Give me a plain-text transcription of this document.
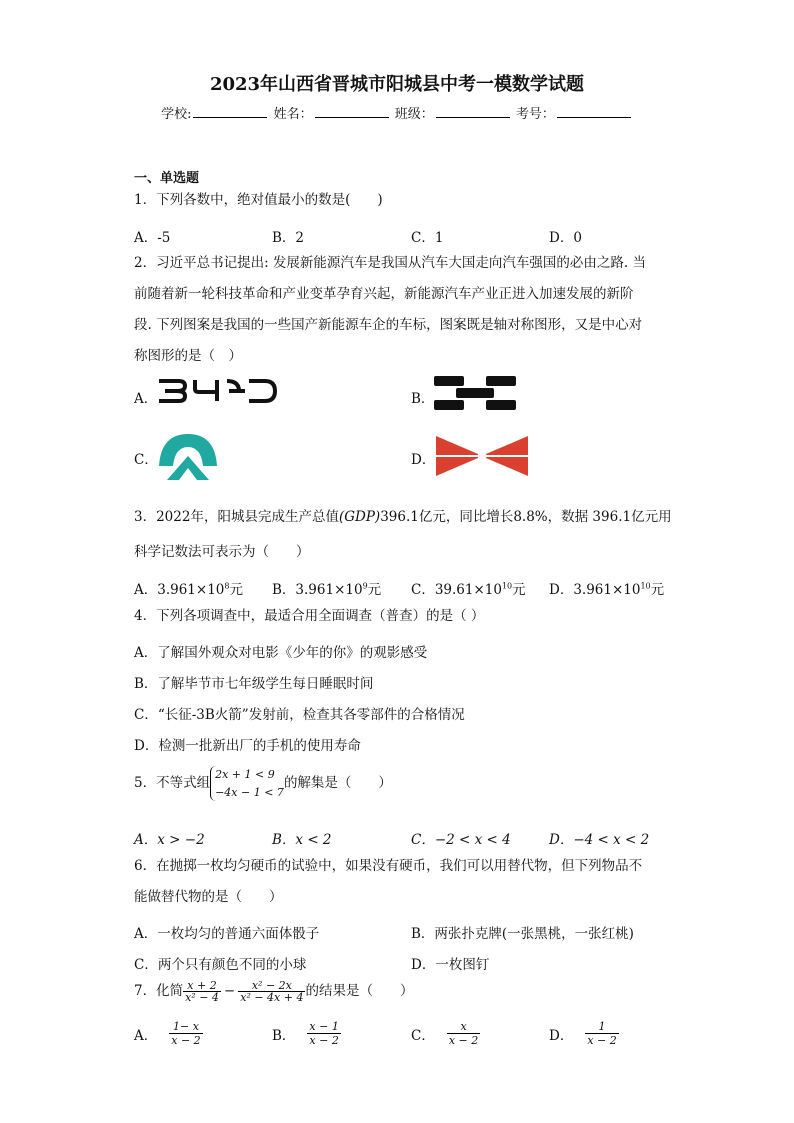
2023年山西省晋城市阳城县中考一模数学试题
学校:	姓名：	班级：	考号：
一、单选题
1．下列各数中，绝对值最小的数是(　　)
A．-5	B．2	C．1	D．0
2．习近平总书记提出: 发展新能源汽车是我国从汽车大国走向汽车强国的必由之路. 当
前随着新一轮科技革命和产业变革孕育兴起，新能源汽车产业正进入加速发展的新阶
段. 下列图案是我国的一些国产新能源车企的车标，图案既是轴对称图形，又是中心对
称图形的是（　）
A．	B．
C．	D．
3．2022年，阳城县完成生产总值(GDP)396.1亿元，同比增长8.8%，数据 396.1亿元用
科学记数法可表示为（　　）
A．$3.961\times 10^8$元 B．$3.961\times 10^9$元 C．$39.61\times 10^{10}$元 D．$3.961\times 10^{10}$元
4．下列各项调查中，最适合用全面调查（普查）的是（ ）
A．了解国外观众对电影《少年的你》的观影感受
B．了解毕节市七年级学生每日睡眠时间
C．“长征-3B火箭”发射前，检查其各零部件的合格情况
D．检测一批新出厂的手机的使用寿命
5．不等式组
2x + 1 < 9
−4x − 1 < 7
的解集是（　　）
A．x > −2	B．x < 2	C．−2 < x < 4	D．−4 < x < 2
6．在抛掷一枚均匀硬币的试验中，如果没有硬币，我们可以用替代物，但下列物品不
能做替代物的是（　　）
A．一枚均匀的普通六面体骰子	B．两张扑克牌(一张黑桃，一张红桃)
C．两个只有颜色不同的小球	D．一枚图钉
7．化简 $\frac{x + 2}{\text{x² − 4}} - \frac{\text{x² − 2x}}{\text{x² − 4x + 4}}$ 的结果是（　　）
A． $\frac{1- x}{x - 2}$	B． $\frac{x - 1}{x - 2}$	C． $\frac{x}{x - 2}$	D． $\frac{1}{x - 2}$
